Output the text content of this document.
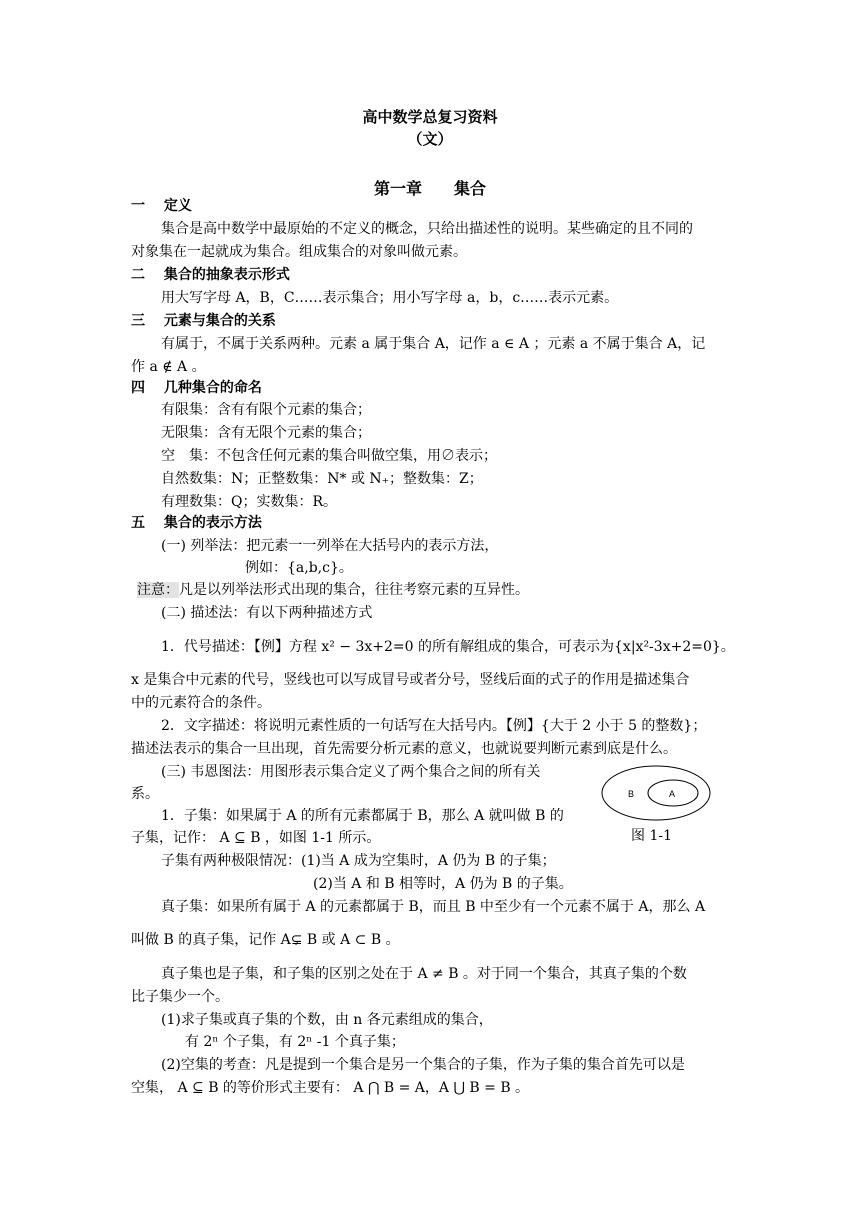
高中数学总复习资料
（文）
第一章　　集合
一　 定义
集合是高中数学中最原始的不定义的概念，只给出描述性的说明。某些确定的且不同的
对象集在一起就成为集合。组成集合的对象叫做元素。
二　 集合的抽象表示形式
用大写字母 A，B，C……表示集合；用小写字母 a，b，c……表示元素。
三　 元素与集合的关系
有属于，不属于关系两种。元素 a 属于集合 A，记作 a ∈ A ；元素 a 不属于集合 A，记
作 a ∉ A 。
四　 几种集合的命名
有限集：含有有限个元素的集合；
无限集：含有无限个元素的集合；
空　集：不包含任何元素的集合叫做空集，用∅表示；
自然数集：N；正整数集：N* 或 N₊；整数集：Z；
有理数集：Q；实数集：R。
五　 集合的表示方法
(一) 列举法：把元素一一列举在大括号内的表示方法，
例如：{a,b,c}。
注意：凡是以列举法形式出现的集合，往往考察元素的互异性。
(二) 描述法：有以下两种描述方式
1．代号描述：【例】方程 x² − 3x+2=0 的所有解组成的集合，可表示为{x|x²-3x+2=0}。
x 是集合中元素的代号，竖线也可以写成冒号或者分号，竖线后面的式子的作用是描述集合
中的元素符合的条件。
2．文字描述：将说明元素性质的一句话写在大括号内。【例】{大于 2 小于 5 的整数}；
描述法表示的集合一旦出现，首先需要分析元素的意义，也就说要判断元素到底是什么。
(三) 韦恩图法：用图形表示集合定义了两个集合之间的所有关
系。
1．子集：如果属于 A 的所有元素都属于 B，那么 A 就叫做 B 的
子集，记作： A ⊆ B ，如图 1-1 所示。
B	A
图 1-1
子集有两种极限情况：(1)当 A 成为空集时，A 仍为 B 的子集；
(2)当 A 和 B 相等时，A 仍为 B 的子集。
真子集：如果所有属于 A 的元素都属于 B，而且 B 中至少有一个元素不属于 A，那么 A
叫做 B 的真子集，记作 A⊊ B 或 A ⊂ B 。
真子集也是子集，和子集的区别之处在于 A ≠ B 。对于同一个集合，其真子集的个数
比子集少一个。
(1)求子集或真子集的个数，由 n 各元素组成的集合，
有 2ⁿ 个子集，有 2ⁿ -1 个真子集；
(2)空集的考查：凡是提到一个集合是另一个集合的子集，作为子集的集合首先可以是
空集， A ⊆ B 的等价形式主要有： A ⋂ B = A，A ⋃ B = B 。
